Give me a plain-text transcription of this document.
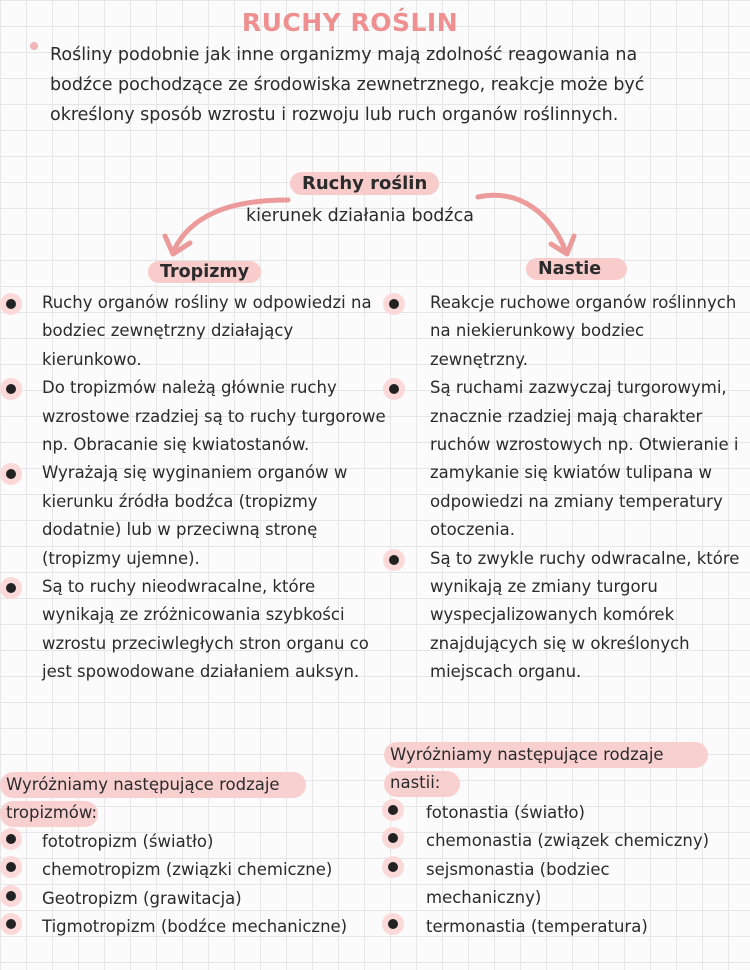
RUCHY ROŚLIN
Rośliny podobnie jak inne organizmy mają zdolność reagowania na bodźce pochodzące ze środowiska zewnetrznego, reakcje może być określony sposób wzrostu i rozwoju lub ruch organów roślinnych.
Ruchy roślin
kierunek działania bodźca
Tropizmy	Nastie
Ruchy organów rośliny w odpowiedzi na bodziec zewnętrzny działający kierunkowo.
Do tropizmów należą głównie ruchy wzrostowe rzadziej są to ruchy turgorowe np. Obracanie się kwiatostanów.
Wyrażają się wyginaniem organów w kierunku źródła bodźca (tropizmy dodatnie) lub w przeciwną stronę (tropizmy ujemne).
Są to ruchy nieodwracalne, które wynikają ze zróżnicowania szybkości wzrostu przeciwległych stron organu co jest spowodowane działaniem auksyn.
Reakcje ruchowe organów roślinnych na niekierunkowy bodziec zewnętrzny.
Są ruchami zazwyczaj turgorowymi, znacznie rzadziej mają charakter ruchów wzrostowych np. Otwieranie i zamykanie się kwiatów tulipana w odpowiedzi na zmiany temperatury otoczenia.
Są to zwykle ruchy odwracalne, które wynikają ze zmiany turgoru wyspecjalizowanych komórek znajdujących się w określonych miejscach organu.
Wyróżniamy następujące rodzaje
tropizmów:
Wyróżniamy następujące rodzaje
nastii:
fototropizm (światło)
chemotropizm (związki chemiczne)
Geotropizm (grawitacja)
Tigmotropizm (bodźce mechaniczne)
fotonastia (światło)
chemonastia (związek chemiczny)
sejsmonastia (bodziec mechaniczny)
termonastia (temperatura)
